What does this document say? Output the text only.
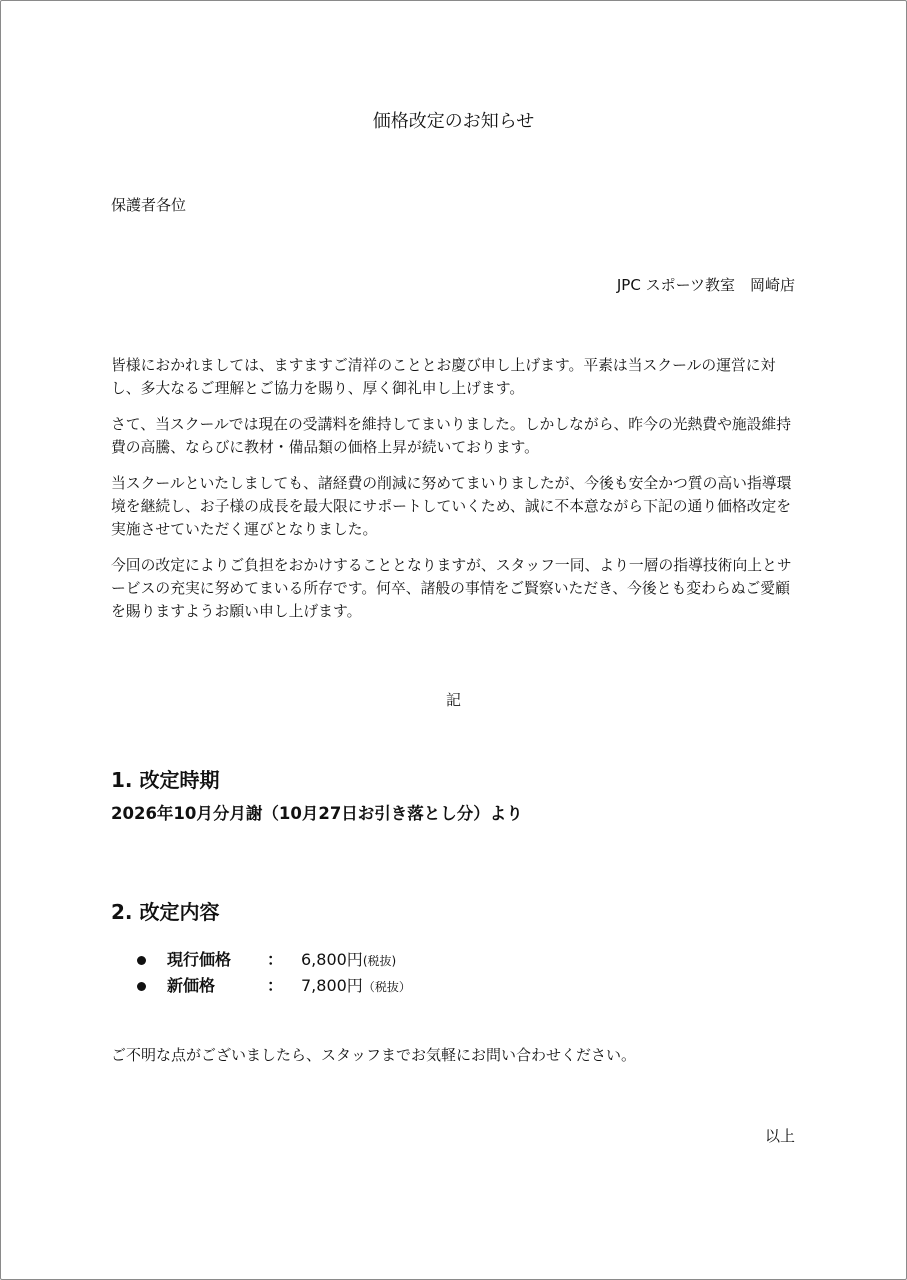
価格改定のお知らせ
保護者各位
JPC スポーツ教室　岡崎店

皆様におかれましては、ますますご清祥のこととお慶び申し上げます。平素は当スクールの運営に対し、多大なるご理解とご協力を賜り、厚く御礼申し上げます。

さて、当スクールでは現在の受講料を維持してまいりました。しかしながら、昨今の光熱費や施設維持費の高騰、ならびに教材・備品類の価格上昇が続いております。

当スクールといたしましても、諸経費の削減に努めてまいりましたが、今後も安全かつ質の高い指導環境を継続し、お子様の成長を最大限にサポートしていくため、誠に不本意ながら下記の通り価格改定を実施させていただく運びとなりました。

今回の改定によりご負担をおかけすることとなりますが、スタッフ一同、より一層の指導技術向上とサービスの充実に努めてまいる所存です。何卒、諸般の事情をご賢察いただき、今後とも変わらぬご愛顧を賜りますようお願い申し上げます。

記
1. 改定時期
2026年10月分月謝（10月27日お引き落とし分）より
2. 改定内容
現行価格 ： 6,800円(税抜)
新価格	： 7,800円（税抜）
ご不明な点がございましたら、スタッフまでお気軽にお問い合わせください。
以上
